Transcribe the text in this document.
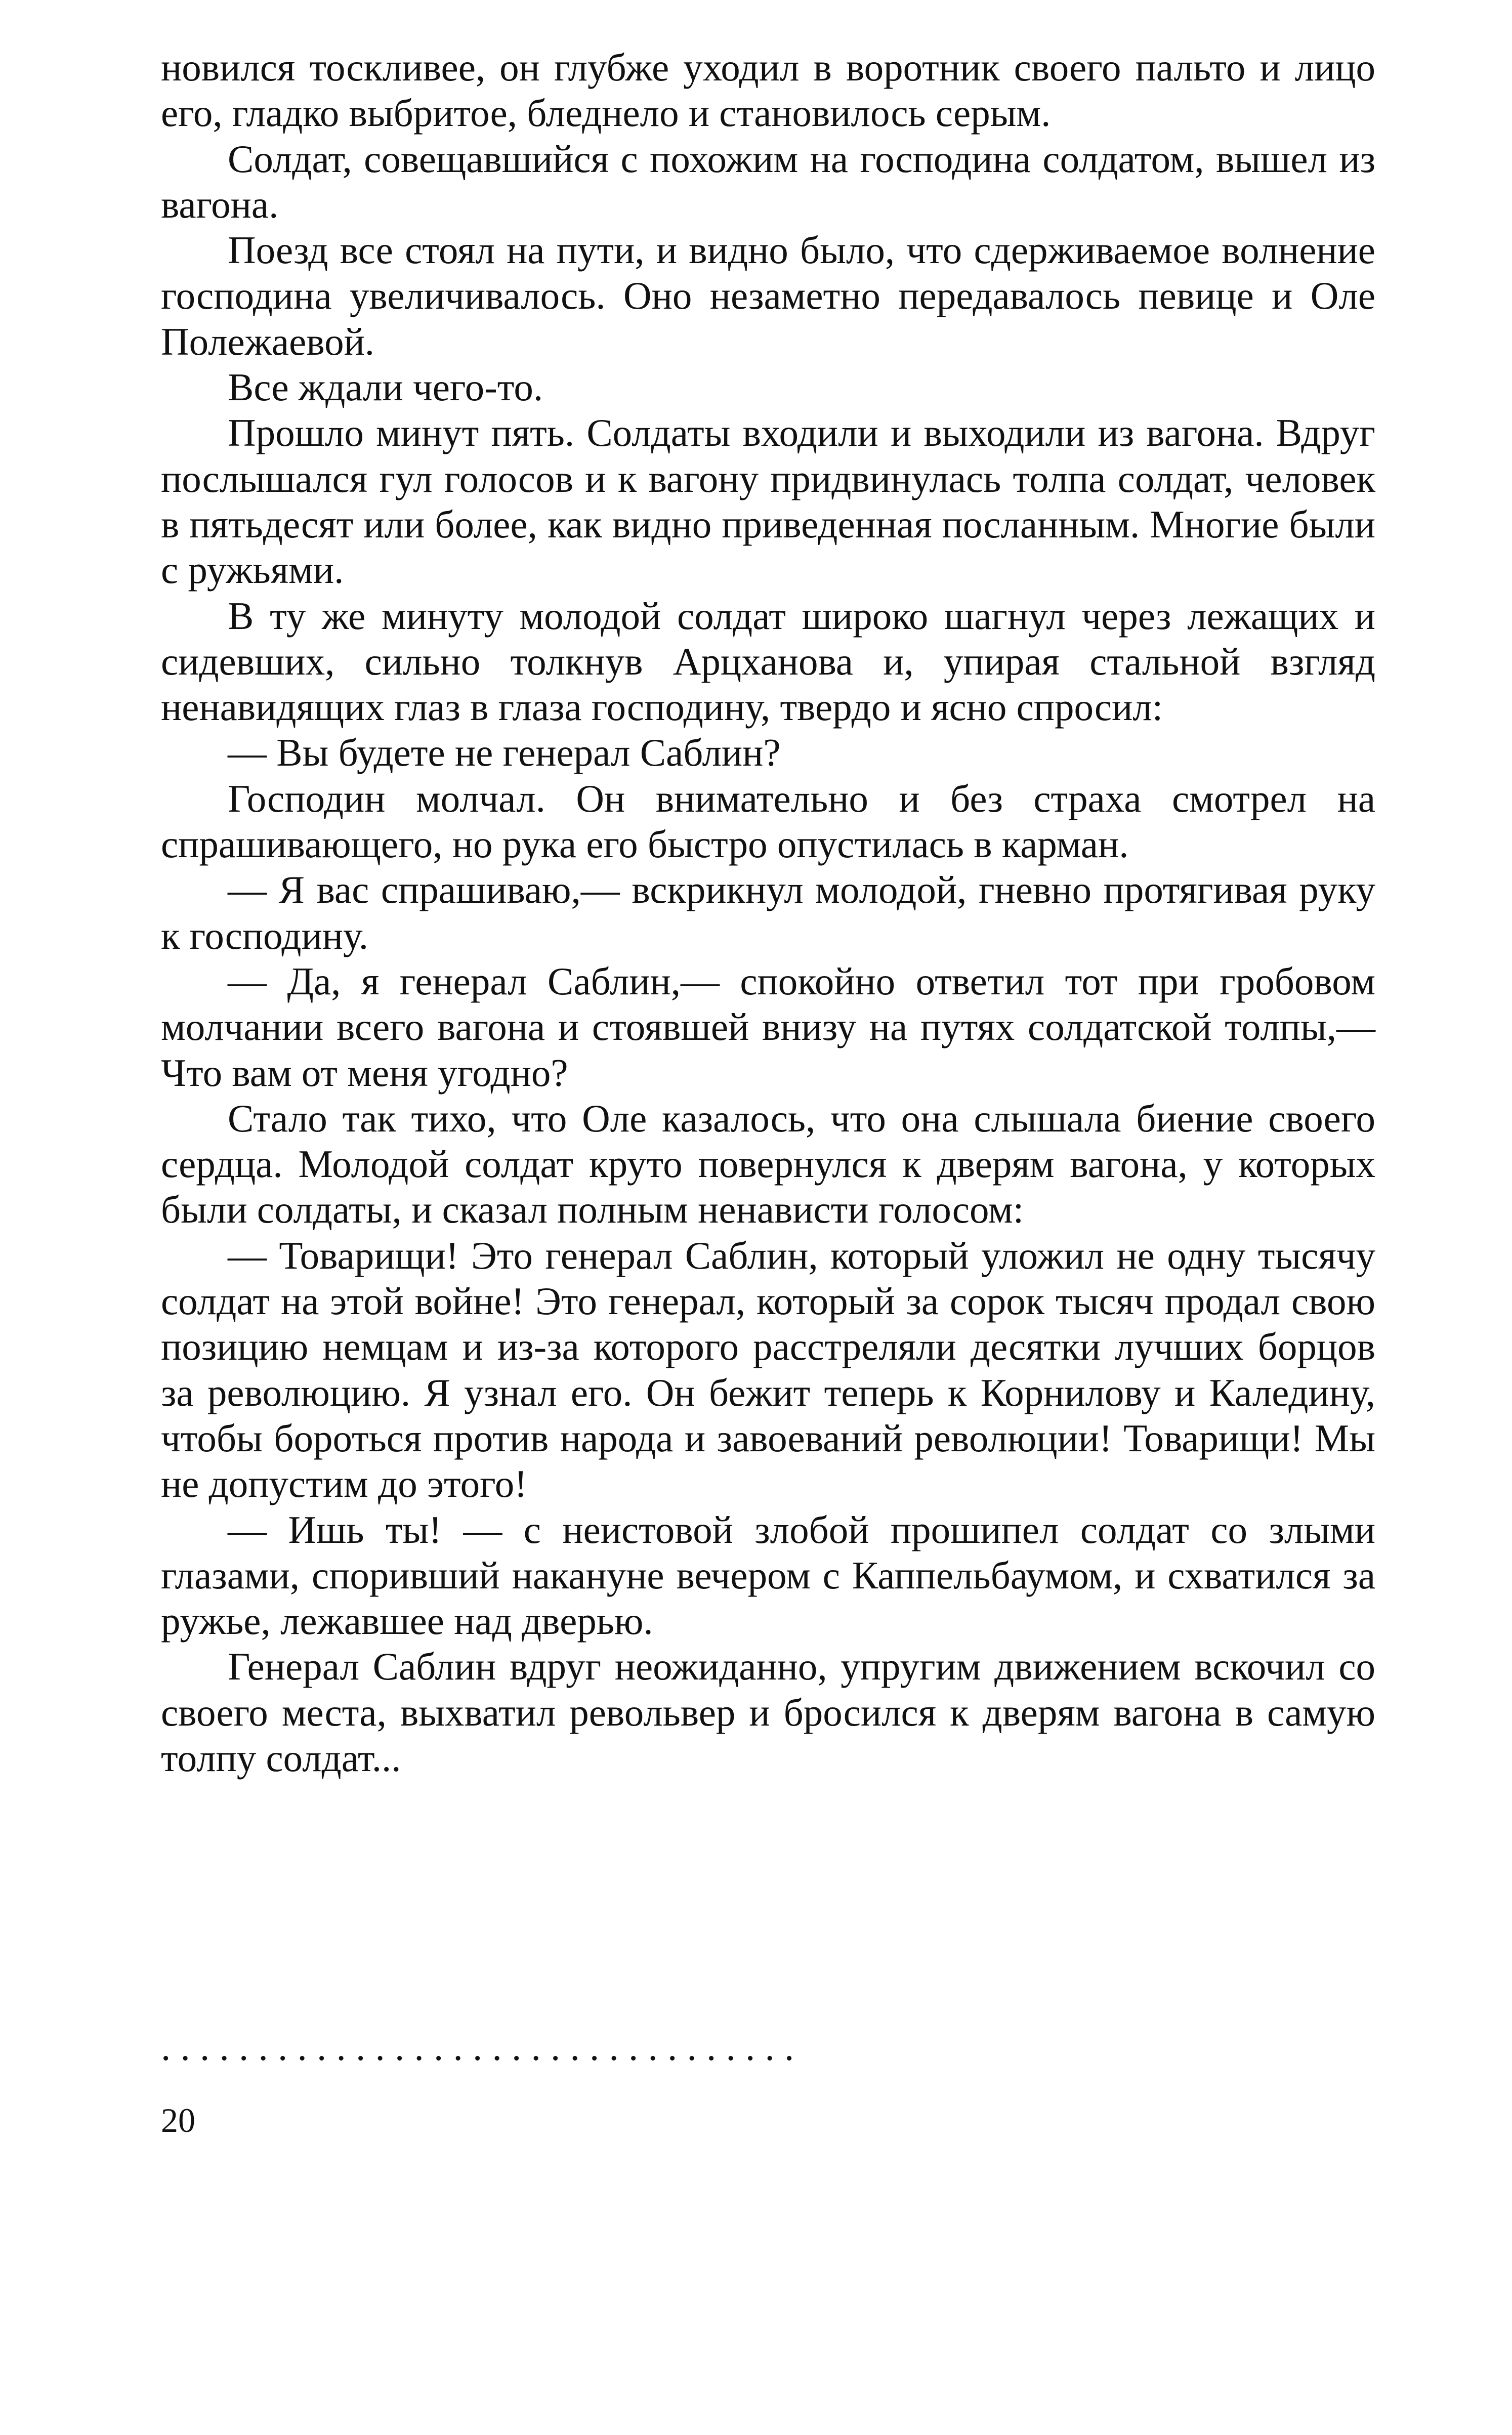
новился тоскливее, он глубже уходил в воротник своего пальто и лицо его, гладко выбритое, бледнело и становилось серым.

Солдат, совещавшийся с похожим на господина солдатом, вышел из вагона.

Поезд все стоял на пути, и видно было, что сдерживаемое волнение господина увеличивалось. Оно незаметно передавалось певице и Оле Полежаевой.

Все ждали чего-то.

Прошло минут пять. Солдаты входили и выходили из вагона. Вдруг послышался гул голосов и к вагону придвинулась толпа солдат, человек в пятьдесят или более, как видно приведенная посланным. Многие были с ружьями.

В ту же минуту молодой солдат широко шагнул через лежащих и сидевших, сильно толкнув Арцханова и, упирая стальной взгляд ненавидящих глаз в глаза господину, твердо и ясно спросил:

— Вы будете не генерал Саблин?

Господин молчал. Он внимательно и без страха смотрел на спрашивающего, но рука его быстро опустилась в карман.

— Я вас спрашиваю,— вскрикнул молодой, гневно протягивая руку к господину.

— Да, я генерал Саблин,— спокойно ответил тот при гробовом молчании всего вагона и стоявшей внизу на путях солдатской толпы,— Что вам от меня угодно?

Стало так тихо, что Оле казалось, что она слышала биение своего сердца. Молодой солдат круто повернулся к дверям вагона, у которых были солдаты, и сказал полным ненависти голосом:

— Товарищи! Это генерал Саблин, который уложил не одну тысячу солдат на этой войне! Это генерал, который за сорок тысяч продал свою позицию немцам и из-за которого расстреляли десятки лучших борцов за революцию. Я узнал его. Он бежит теперь к Корнилову и Каледину, чтобы бороться против народа и завоеваний революции! Товарищи! Мы не допустим до этого!

— Ишь ты! — с неистовой злобой прошипел солдат со злыми глазами, споривший накануне вечером с Каппельбаумом, и схватился за ружье, лежавшее над дверью.

Генерал Саблин вдруг неожиданно, упругим движением вскочил со своего места, выхватил револьвер и бросился к дверям вагона в самую толпу солдат...

. . . . . . . . . . . . . . . . . . . . . . . . . . . . . . . . .
20
